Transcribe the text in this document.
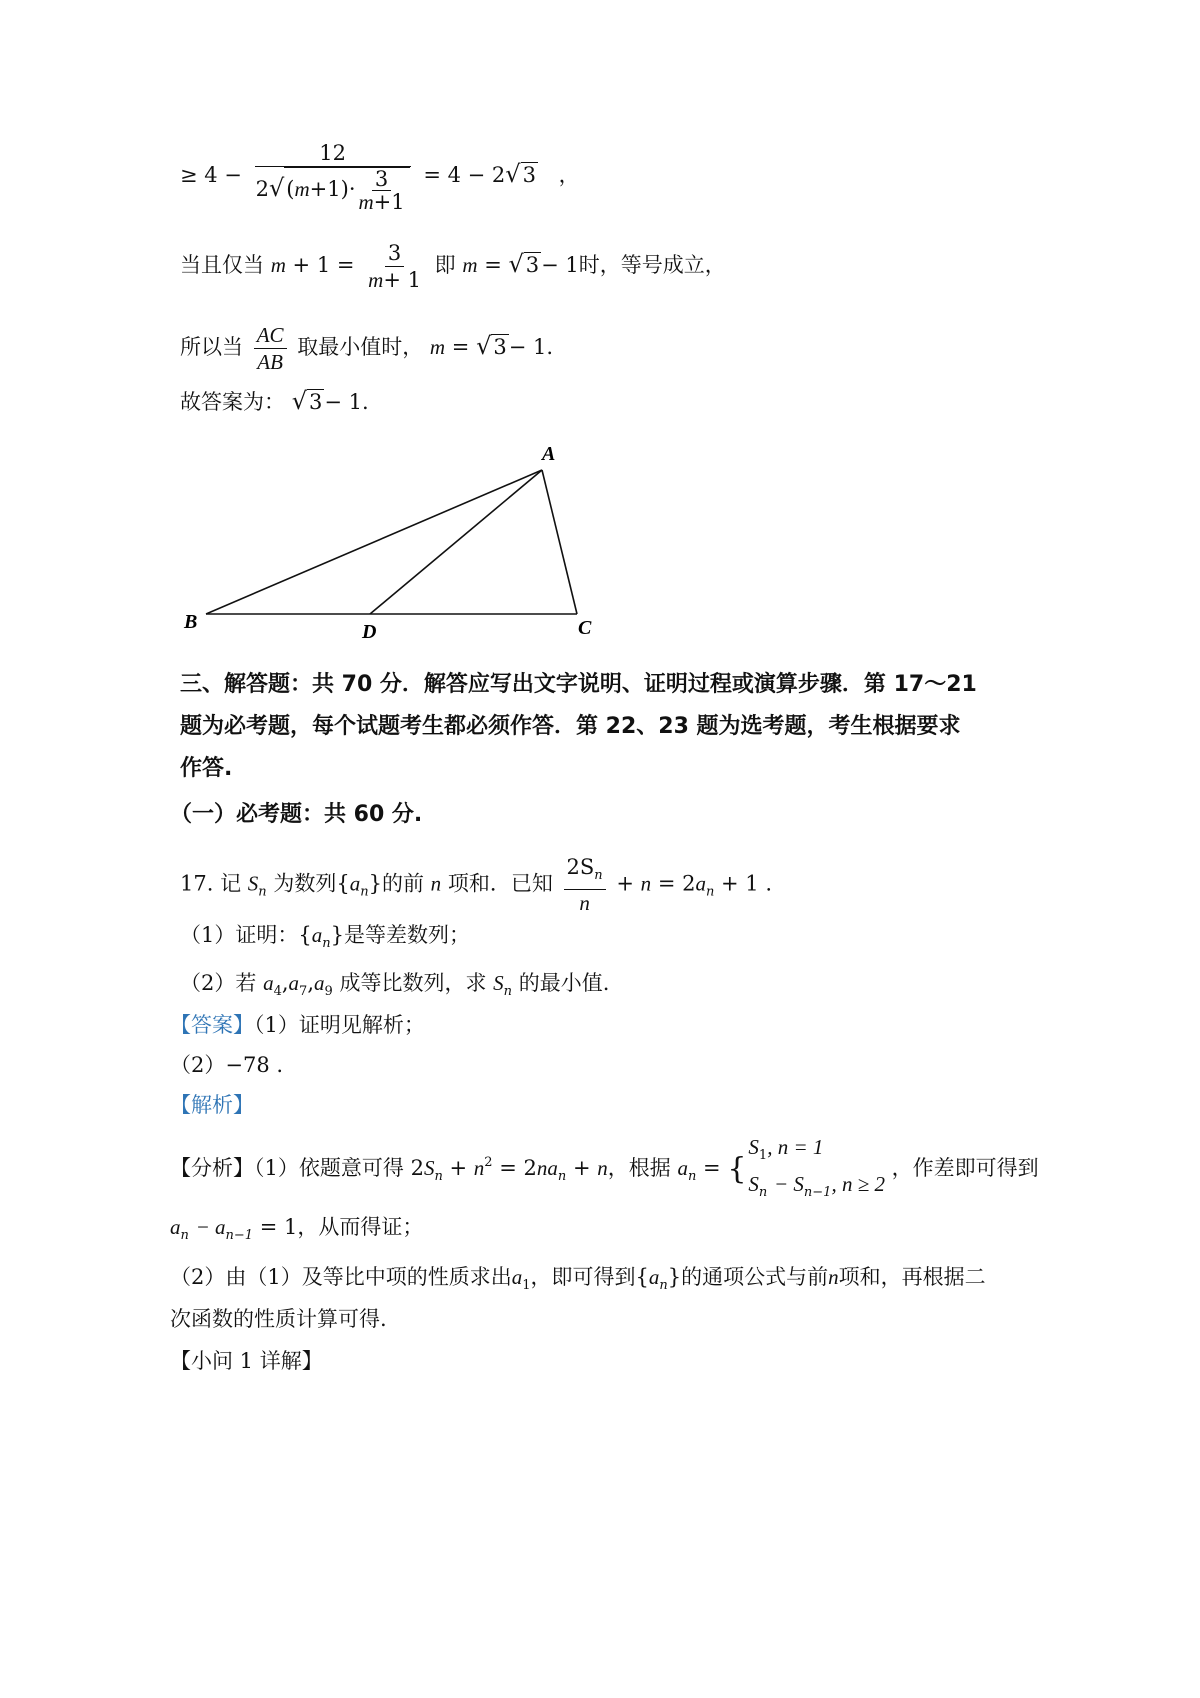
≥ $4 - \frac{12}{2√(m+1)\cdot \frac{3}{m+1}} = 4 - 2√3$ ，
当且仅当 $m + 1 = \frac{3}{m+ 1}$ 即 m = √3− 1时，等号成立，
所以当 $\frac{AC}{AB}$ 取最小值时， m = √3− 1.
故答案为： √3− 1.
A
B	D	C
三、解答题：共 70 分．解答应写出文字说明、证明过程或演算步骤．第 17～21
题为必考题，每个试题考生都必须作答．第 22、23 题为选考题，考生根据要求
作答.
（一）必考题：共 60 分.
17. 记 $S_n$ 为数列$\{a_n\}$的前 n 项和．已知 $\frac{2S_n}{n} + n = 2a_n + 1$ .
（1）证明：$\{a_n\}$是等差数列；
（2）若 $a_4,a_7,a_9$ 成等比数列，求 $S_n$ 的最小值.
【答案】（1）证明见解析；
（2）−78 .
【解析】
【分析】（1）依题意可得 $2S_n + n^2 = 2na_n + n$，根据 $a_n$ = {
$S_1$, n = 1
$S_n - S_{n-1}$, n ≥ 2
，作差即可得到
$a_n - a_{n-1} = 1$，从而得证；
（2）由（1）及等比中项的性质求出$a_1$，即可得到$\{a_n\}$的通项公式与前n项和，再根据二
次函数的性质计算可得.
【小问 1 详解】
